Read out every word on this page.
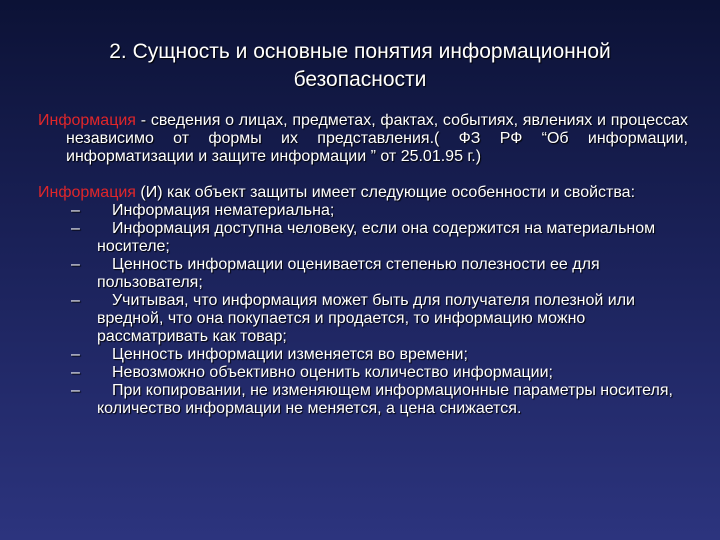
2. Сущность и основные понятия информационной
безопасности

Информация - сведения о лицах, предметах, фактах, событиях, явлениях и процессах независимо от формы их представления.( ФЗ РФ “Об информации, информатизации и защите информации ” от 25.01.95 г.)

Информация (И) как объект защиты имеет следующие особенности и свойства:

– Информация нематериальна;
– Информация доступна человеку, если она содержится на материальном носителе;
– Ценность информации оценивается степенью полезности ее для пользователя;
– Учитывая, что информация может быть для получателя полезной или вредной, что она покупается и продается, то информацию можно рассматривать как товар;
– Ценность информации изменяется во времени;
– Невозможно объективно оценить количество информации;
– При копировании, не изменяющем информационные параметры носителя, количество информации не меняется, а цена снижается.
